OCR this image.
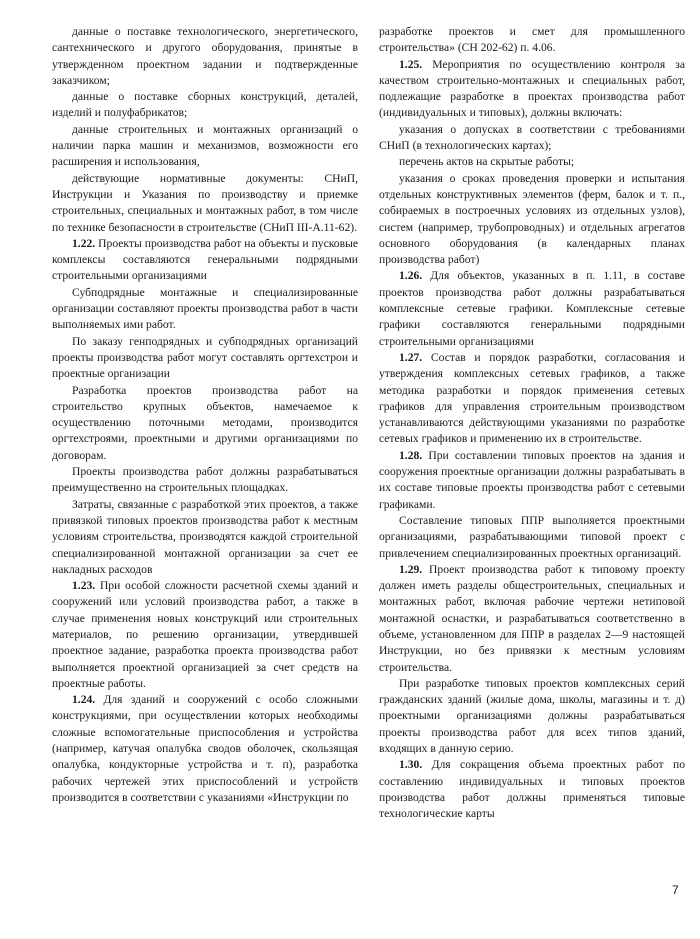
данные о поставке технологического, энергетического, сантехнического и другого оборудования, принятые в утвержденном проектном задании и подтвержденные заказчиком;

данные о поставке сборных конструкций, деталей, изделий и полуфабрикатов;

данные строительных и монтажных организаций о наличии парка машин и механизмов, возможности его расширения и использования,

действующие нормативные документы: СНиП, Инструкции и Указания по производству и приемке строительных, специальных и монтажных работ, в том числе по технике безопасности в строительстве (СНиП III-А.11-62).

1.22. Проекты производства работ на объекты и пусковые комплексы составляются генеральными подрядными строительными организациями

Субподрядные монтажные и специализированные организации составляют проекты производства работ в части выполняемых ими работ.

По заказу генподрядных и субподрядных организаций проекты производства работ могут составлять оргтехстрои и проектные организации

Разработка проектов производства работ на строительство крупных объектов, намечаемое к осуществлению поточными методами, производится оргтехстроями, проектными и другими организациями по договорам.

Проекты производства работ должны разрабатываться преимущественно на строительных площадках.

Затраты, связанные с разработкой этих проектов, а также привязкой типовых проектов производства работ к местным условиям строительства, производятся каждой строительной специализированной монтажной организации за счет ее накладных расходов

1.23. При особой сложности расчетной схемы зданий и сооружений или условий производства работ, а также в случае применения новых конструкций или строительных материалов, по решению организации, утвердившей проектное задание, разработка проекта производства работ выполняется проектной организацией за счет средств на проектные работы.

1.24. Для зданий и сооружений с особо сложными конструкциями, при осуществлении которых необходимы сложные вспомогательные приспособления и устройства (например, катучая опалубка сводов оболочек, скользящая опалубка, кондукторные устройства и т. п), разработка рабочих чертежей этих приспособлений и устройств производится в соответствии с указаниями «Инструкции по

разработке проектов и смет для промышленного строительства» (СН 202-62) п. 4.06.

1.25. Мероприятия по осуществлению контроля за качеством строительно-монтажных и специальных работ, подлежащие разработке в проектах производства работ (индивидуальных и типовых), должны включать:

указания о допусках в соответствии с требованиями СНиП (в технологических картах);

перечень актов на скрытые работы;

указания о сроках проведения проверки и испытания отдельных конструктивных элементов (ферм, балок и т. п., собираемых в построечных условиях из отдельных узлов), систем (например, трубопроводных) и отдельных агрегатов основного оборудования (в календарных планах производства работ)

1.26. Для объектов, указанных в п. 1.11, в составе проектов производства работ должны разрабатываться комплексные сетевые графики. Комплексные сетевые графики составляются генеральными подрядными строительными организациями

1.27. Состав и порядок разработки, согласования и утверждения комплексных сетевых графиков, а также методика разработки и порядок применения сетевых графиков для управления строительным производством устанавливаются действующими указаниями по разработке сетевых графиков и применению их в строительстве.

1.28. При составлении типовых проектов на здания и сооружения проектные организации должны разрабатывать в их составе типовые проекты производства работ с сетевыми графиками.

Составление типовых ППР выполняется проектными организациями, разрабатывающими типовой проект с привлечением специализированных проектных организаций.

1.29. Проект производства работ к типовому проекту должен иметь разделы общестроительных, специальных и монтажных работ, включая рабочие чертежи нетиповой монтажной оснастки, и разрабатываться соответственно в объеме, установленном для ППР в разделах 2—9 настоящей Инструкции, но без привязки к местным условиям строительства.

При разработке типовых проектов комплексных серий гражданских зданий (жилые дома, школы, магазины и т. д) проектными организациями должны разрабатываться проекты производства работ для всех типов зданий, входящих в данную серию.

1.30. Для сокращения объема проектных работ по составлению индивидуальных и типовых проектов производства работ должны применяться типовые технологические карты

7
